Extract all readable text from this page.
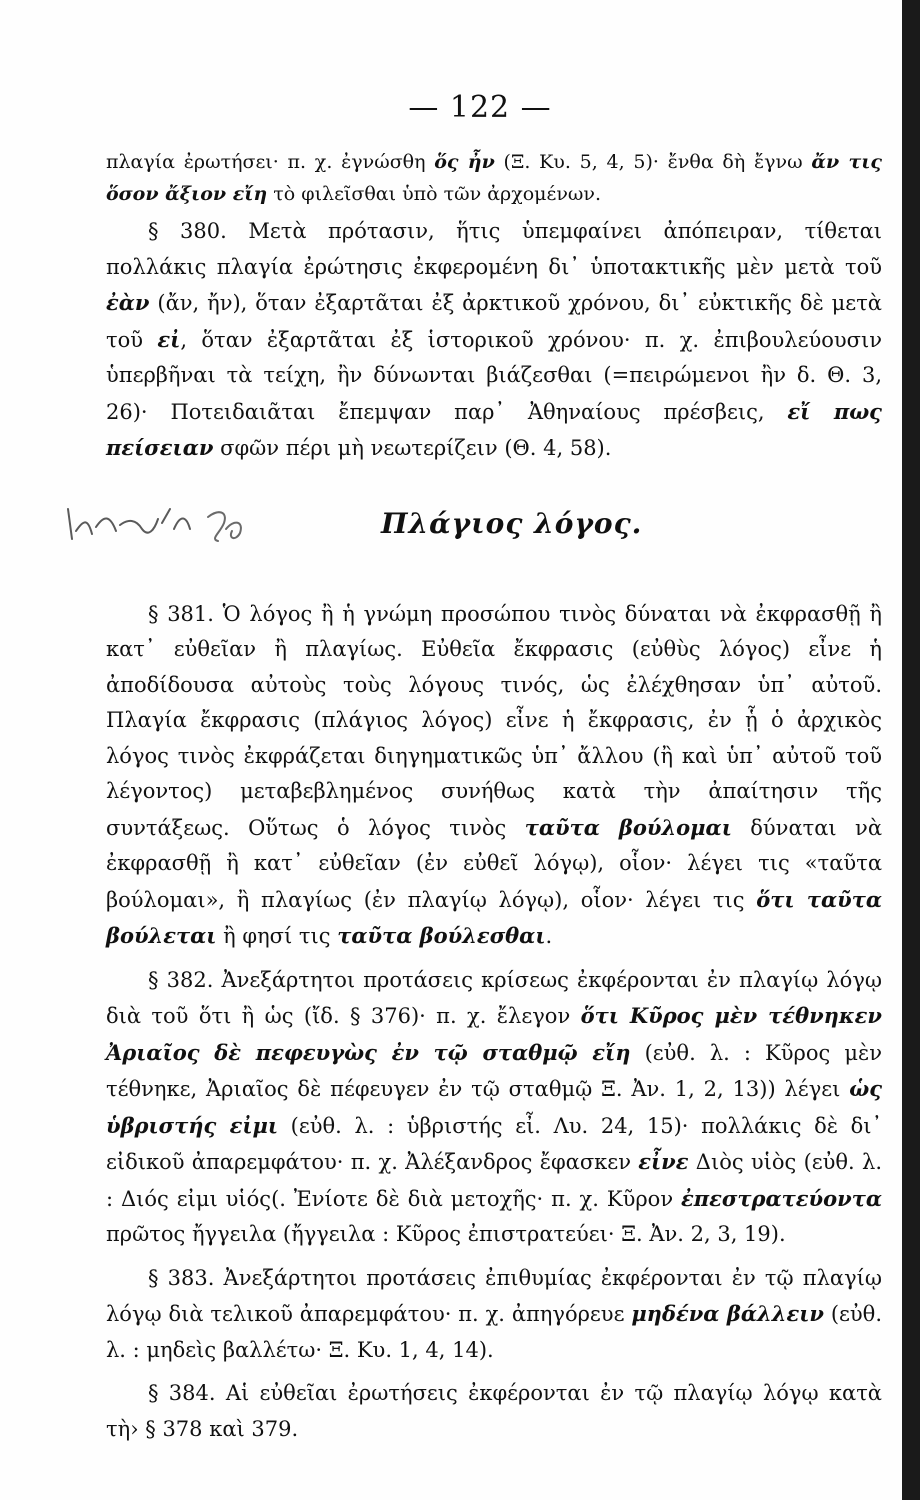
— 122 —

πλαγία ἐρωτήσει· π. χ. ἐγνώσθη ὅς ἦν (Ξ. Κυ. 5, 4, 5)· ἔνθα δὴ ἔγνω ἄν τις ὅσον ἄξιον εἴη τὸ φιλεῖσθαι ὑπὸ τῶν ἀρχομένων.

§ 380. Μετὰ πρότασιν, ἥτις ὑπεμφαίνει ἀπόπειραν, τίθεται πολλάκις πλαγία ἐρώτησις ἐκφερομένη δι᾿ ὑποτακτικῆς μὲν μετὰ τοῦ ἐὰν (ἄν, ἤν), ὅταν ἐξαρτᾶται ἐξ ἀρκτικοῦ χρόνου, δι᾿ εὐκτικῆς δὲ μετὰ τοῦ εἰ, ὅταν ἐξαρτᾶται ἐξ ἱστορικοῦ χρόνου· π. χ. ἐπιβουλεύουσιν ὑπερβῆναι τὰ τείχη, ἢν δύνωνται βιάζεσθαι (=πειρώμενοι ἢν δ. Θ. 3, 26)· Ποτειδαιᾶται ἔπεμψαν παρ᾿ Ἀθηναίους πρέσβεις, εἴ πως πείσειαν σφῶν πέρι μὴ νεωτερίζειν (Θ. 4, 58).

Πλάγιος λόγος.

§ 381. Ὁ λόγος ἢ ἡ γνώμη προσώπου τινὸς δύναται νὰ ἐκφρασθῇ ἢ κατ᾿ εὐθεῖαν ἢ πλαγίως. Εὐθεῖα ἔκφρασις (εὐθὺς λόγος) εἶνε ἡ ἀποδίδουσα αὐτοὺς τοὺς λόγους τινός, ὡς ἐλέχθησαν ὑπ᾿ αὐτοῦ. Πλαγία ἔκφρασις (πλάγιος λόγος) εἶνε ἡ ἔκφρασις, ἐν ᾗ ὁ ἀρχικὸς λόγος τινὸς ἐκφράζεται διηγηματικῶς ὑπ᾿ ἄλλου (ἢ καὶ ὑπ᾿ αὐτοῦ τοῦ λέγοντος) μεταβεβλημένος συνήθως κατὰ τὴν ἀπαίτησιν τῆς συντάξεως. Οὕτως ὁ λόγος τινὸς ταῦτα βούλομαι δύναται νὰ ἐκφρασθῇ ἢ κατ᾿ εὐθεῖαν (ἐν εὐθεῖ λόγῳ), οἷον· λέγει τις «ταῦτα βούλομαι», ἢ πλαγίως (ἐν πλαγίῳ λόγῳ), οἷον· λέγει τις ὅτι ταῦτα βούλεται ἢ φησί τις ταῦτα βούλεσθαι.

§ 382. Ἀνεξάρτητοι προτάσεις κρίσεως ἐκφέρονται ἐν πλαγίῳ λόγῳ διὰ τοῦ ὅτι ἢ ὡς (ἴδ. § 376)· π. χ. ἔλεγον ὅτι Κῦρος μὲν τέθνηκεν Ἀριαῖος δὲ πεφευγὼς ἐν τῷ σταθμῷ εἴη (εὐθ. λ. : Κῦρος μὲν τέθνηκε, Ἀριαῖος δὲ πέφευγεν ἐν τῷ σταθμῷ Ξ. Ἀν. 1, 2, 13)) λέγει ὡς ὑβριστής εἰμι (εὐθ. λ. : ὑβριστής εἶ. Λυ. 24, 15)· πολλάκις δὲ δι᾿ εἰδικοῦ ἀπαρεμφάτου· π. χ. Ἀλέξανδρος ἔφασκεν εἶνε Διὸς υἱὸς (εὐθ. λ. : Διός εἰμι υἱός(. Ἐνίοτε δὲ διὰ μετοχῆς· π. χ. Κῦρον ἐπεστρατεύοντα πρῶτος ἤγγειλα (ἤγγειλα : Κῦρος ἐπιστρατεύει· Ξ. Ἀν. 2, 3, 19).

§ 383. Ἀνεξάρτητοι προτάσεις ἐπιθυμίας ἐκφέρονται ἐν τῷ πλαγίῳ λόγῳ διὰ τελικοῦ ἀπαρεμφάτου· π. χ. ἀπηγόρευε μηδένα βάλλειν (εὐθ. λ. : μηδεὶς βαλλέτω· Ξ. Κυ. 1, 4, 14).

§ 384. Αἱ εὐθεῖαι ἐρωτήσεις ἐκφέρονται ἐν τῷ πλαγίῳ λόγῳ κατὰ τὴ› § 378 καὶ 379.
